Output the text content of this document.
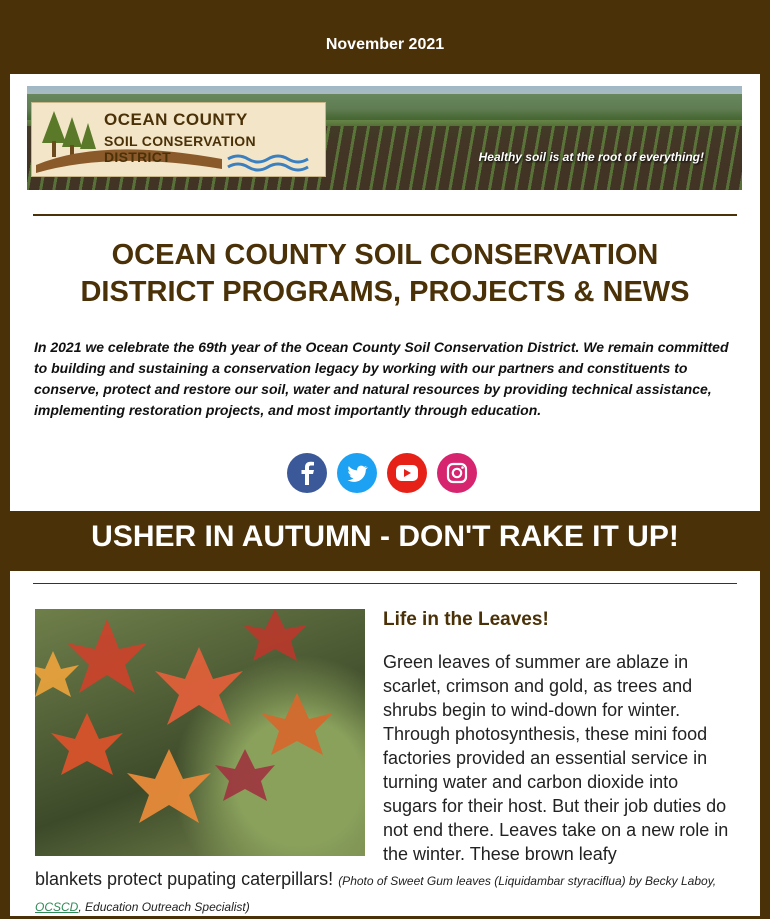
November 2021
OCEAN COUNTY
SOIL CONSERVATION DISTRICT	Healthy soil is at the root of everything!
OCEAN COUNTY SOIL CONSERVATION
DISTRICT PROGRAMS, PROJECTS & NEWS
In 2021 we celebrate the 69th year of the Ocean County Soil Conservation District. We remain committed to building and sustaining a conservation legacy by working with our partners and constituents to conserve, protect and restore our soil, water and natural resources by providing technical assistance, implementing restoration projects, and most importantly through education.
USHER IN AUTUMN - DON'T RAKE IT UP!
Life in the Leaves!
Green leaves of summer are ablaze in scarlet, crimson and gold, as trees and shrubs begin to wind-down for winter. Through photosynthesis, these mini food factories provided an essential service in turning water and carbon dioxide into sugars for their host. But their job duties do not end there. Leaves take on a new role in the winter. These brown leafy
blankets protect pupating caterpillars! (Photo of Sweet Gum leaves (Liquidambar styraciflua) by Becky Laboy, OCSCD, Education Outreach Specialist)
